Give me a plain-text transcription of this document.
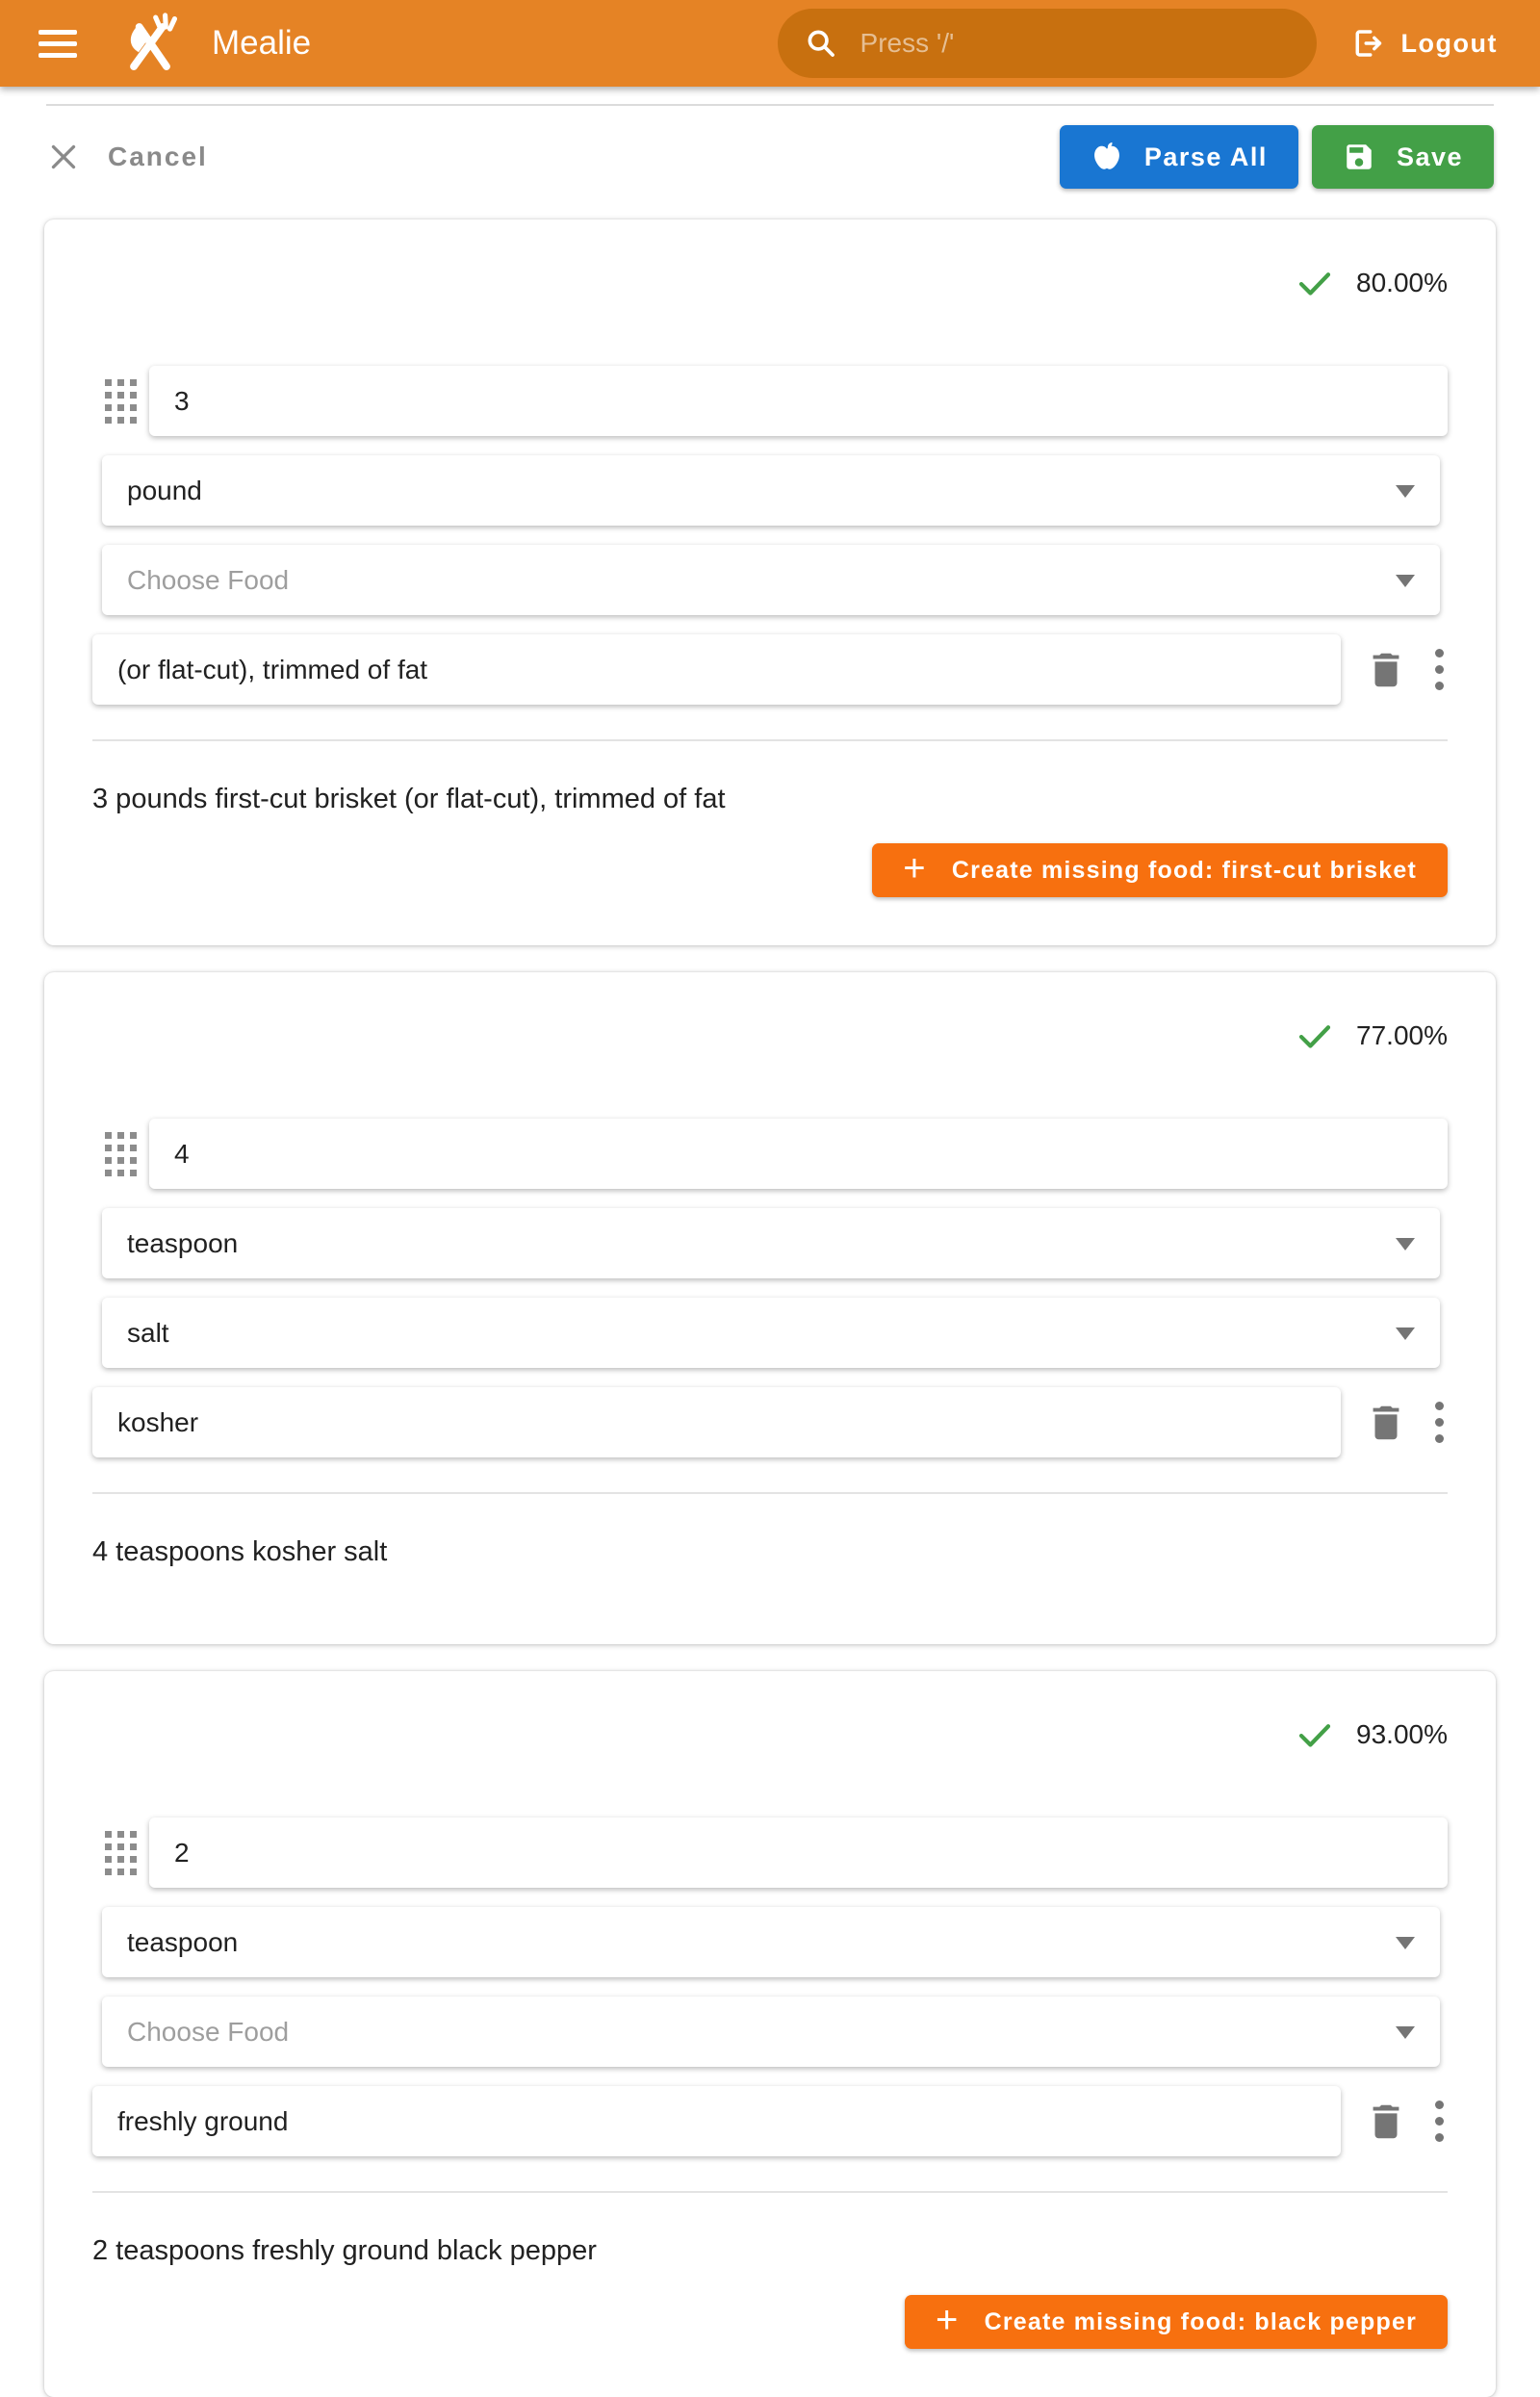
Mealie
Press '/'	Logout
Cancel	Parse All	Save
80.00%
3
pound
Choose Food
(or flat-cut), trimmed of fat

3 pounds first-cut brisket (or flat-cut), trimmed of fat

+ Create missing food: first-cut brisket
77.00%
4
teaspoon
salt
kosher

4 teaspoons kosher salt

93.00%
2
teaspoon
Choose Food
freshly ground

2 teaspoons freshly ground black pepper

+ Create missing food: black pepper
